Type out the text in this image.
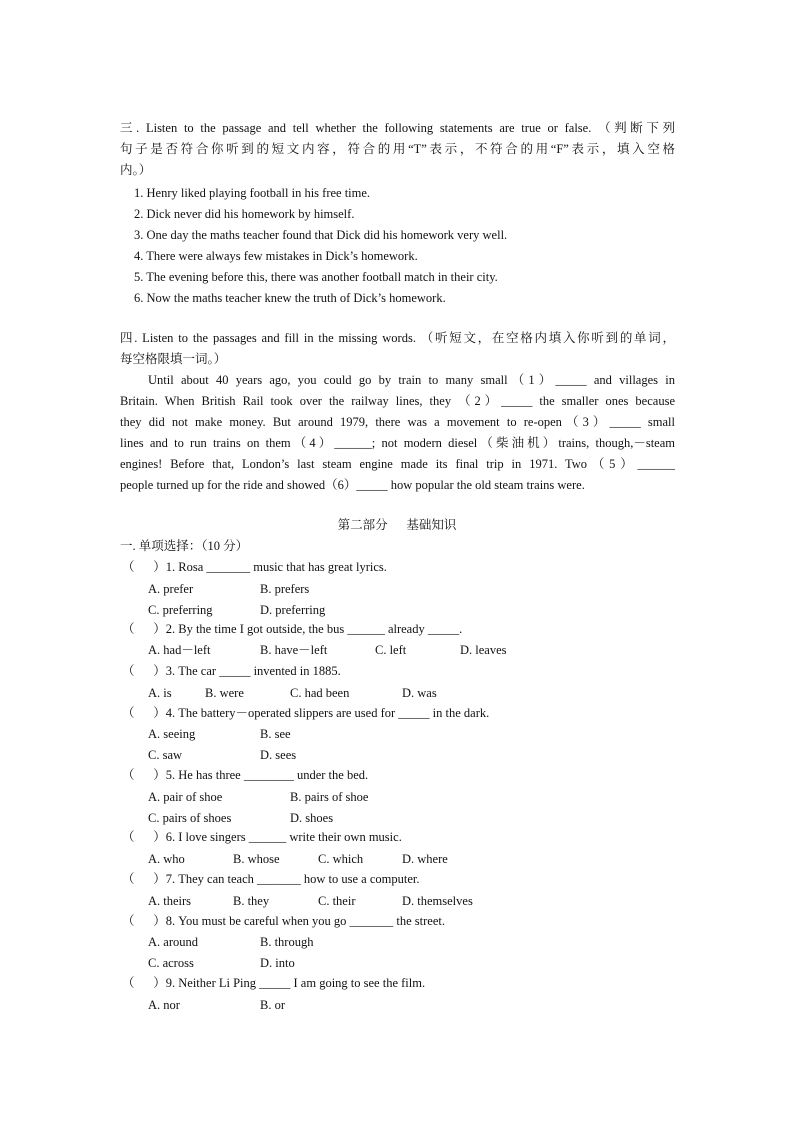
三. Listen to the passage and tell whether the following statements are true or false. （判断下列
句子是否符合你听到的短文内容，符合的用“T”表示，不符合的用“F”表示，填入空格
内。）
1. Henry liked playing football in his free time.
2. Dick never did his homework by himself.
3. One day the maths teacher found that Dick did his homework very well.
4. There were always few mistakes in Dick’s homework.
5. The evening before this, there was another football match in their city.
6. Now the maths teacher knew the truth of Dick’s homework.
四. Listen to the passages and fill in the missing words. （听短文，在空格内填入你听到的单词，
每空格限填一词。）
Until about 40 years ago, you could go by train to many small（1）_____ and villages in
Britain. When British Rail took over the railway lines, they （2）_____ the smaller ones because
they did not make money. But around 1979, there was a movement to re-open（3）_____ small
lines and to run trains on them（4）______; not modern diesel（柴油机）trains, though,－steam
engines! Before that, London’s last steam engine made its final trip in 1971. Two（5）______
people turned up for the ride and showed（6）_____ how popular the old steam trains were.
第二部分      基础知识
一. 单项选择：（10 分）
（      ）1. Rosa _______ music that has great lyrics.
A. prefer	B. prefers
C. preferring	D. preferring
（      ）2. By the time I got outside, the bus ______ already _____.
A. had－left	B. have－left	C. left	D. leaves
（      ）3. The car _____ invented in 1885.
A. is	B. were	C. had been	D. was
（      ）4. The battery－operated slippers are used for _____ in the dark.
A. seeing	B. see
C. saw	D. sees
（      ）5. He has three ________ under the bed.
A. pair of shoe	B. pairs of shoe
C. pairs of shoes	D. shoes
（      ）6. I love singers ______ write their own music.
A. who	B. whose	C. which	D. where
（      ）7. They can teach _______ how to use a computer.
A. theirs	B. they	C. their	D. themselves
（      ）8. You must be careful when you go _______ the street.
A. around	B. through
C. across	D. into
（      ）9. Neither Li Ping _____ I am going to see the film.
A. nor	B. or
